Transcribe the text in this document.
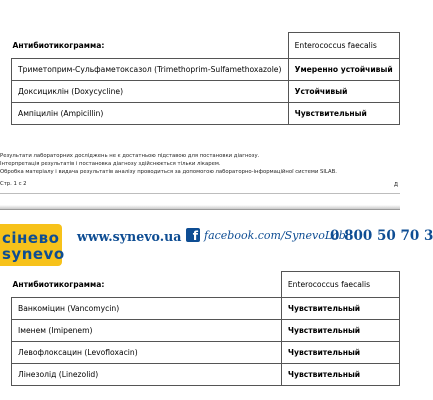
Антибиотикограмма:	Enterococcus faecalis
Триметоприм-Сульфаметоксазол (Trimethoprim-Sulfamethoxazole)	Умеренно устойчивый
Доксициклін (Doxycycline)	Устойчивый
Ампіцилін (Ampicillin)	Чувствительный

Результати лабораторних досліджень не є достатньою підставою для постановки діагнозу.

Інтерпретація результатів і постановка діагнозу здійснюється тільки лікарем.

Обробка матеріалу і видача результатів аналізу проводиться за допомогою лабораторно-інформаційної системи SILAB.

Стр. 1 с 2	Д
сінево
synevo
www.synevo.ua f facebook.com/SynevoLab
0 800 50 70 3
Антибиотикограмма:	Enterococcus faecalis
Ванкоміцин (Vancomycin)	Чувствительный
Іменем (Imipenem)	Чувствительный
Левофлоксацин (Levofloxacin)	Чувствительный
Лінезолід (Linezolid)	Чувствительный
